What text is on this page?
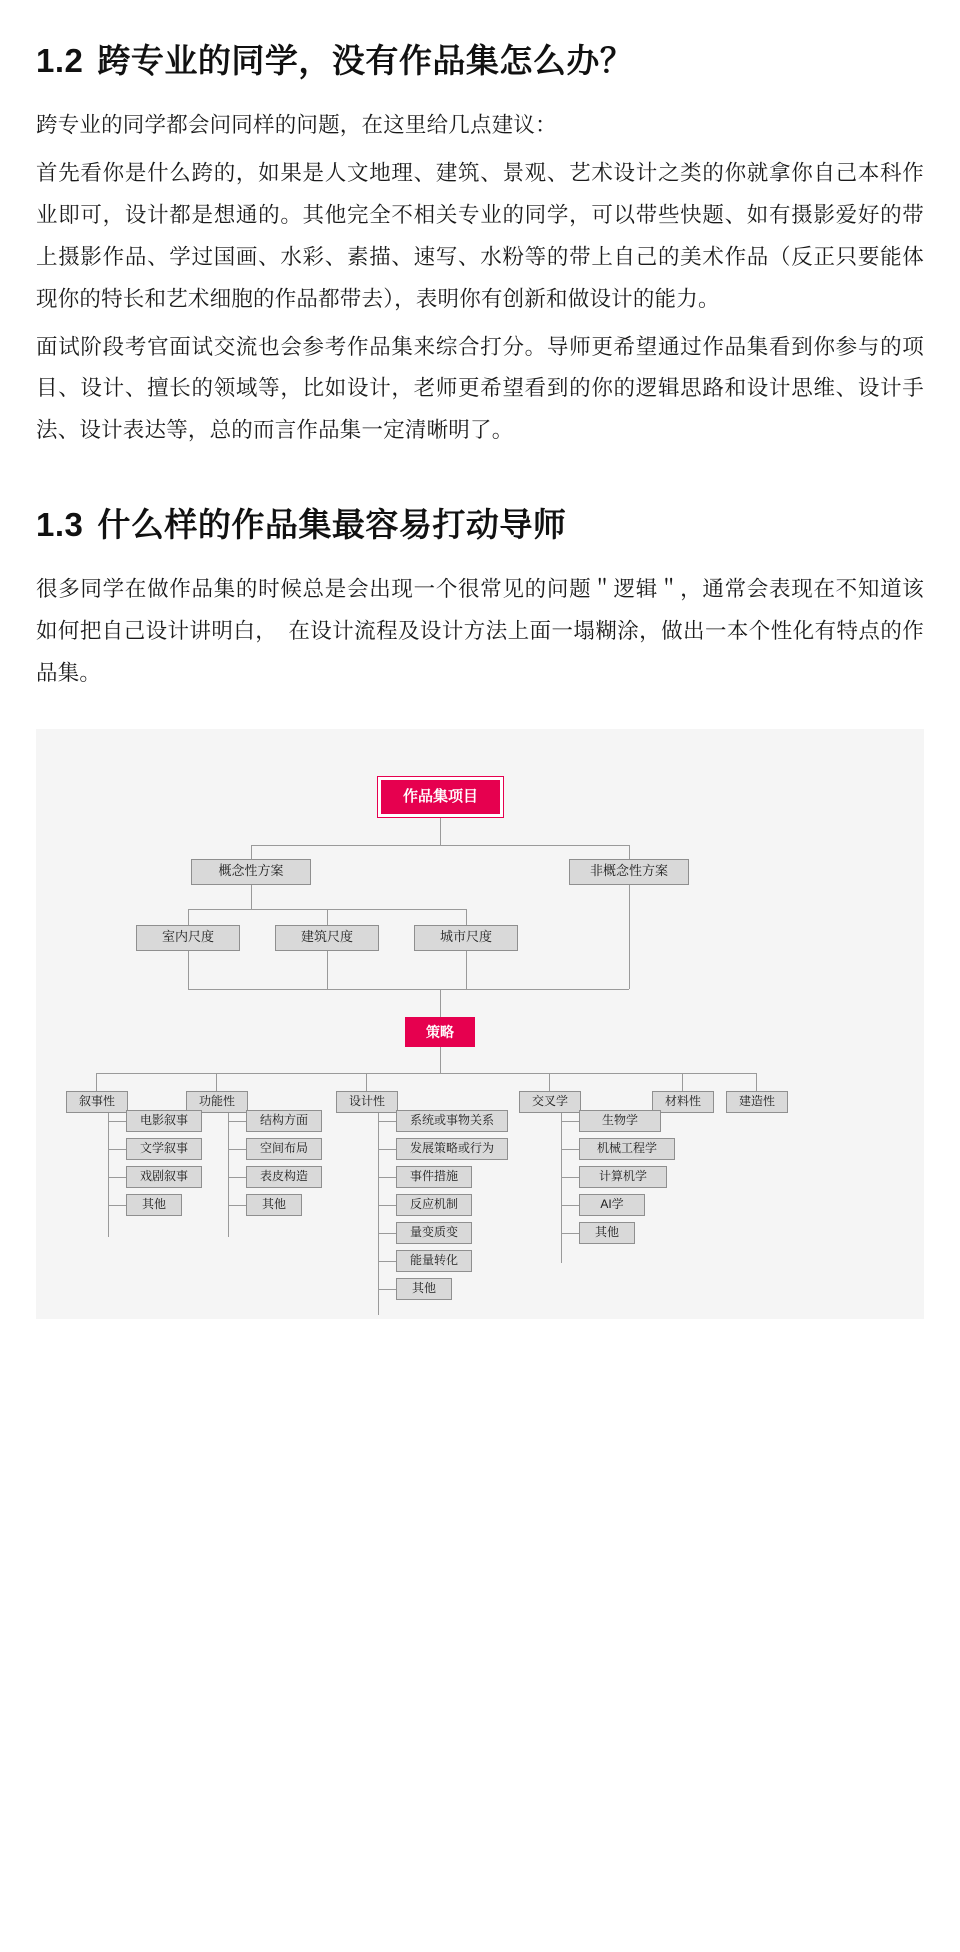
1.2 跨专业的同学，没有作品集怎么办？

跨专业的同学都会问同样的问题，在这里给几点建议：

首先看你是什么跨的，如果是人文地理、建筑、景观、艺术设计之类的你就拿你自己本科作业即可，设计都是想通的。其他完全不相关专业的同学，可以带些快题、如有摄影爱好的带上摄影作品、学过国画、水彩、素描、速写、水粉等的带上自己的美术作品（反正只要能体现你的特长和艺术细胞的作品都带去），表明你有创新和做设计的能力。

面试阶段考官面试交流也会参考作品集来综合打分。导师更希望通过作品集看到你参与的项目、设计、擅长的领域等，比如设计，老师更希望看到的你的逻辑思路和设计思维、设计手法、设计表达等，总的而言作品集一定清晰明了。

1.3 什么样的作品集最容易打动导师

很多同学在做作品集的时候总是会出现一个很常见的问题＂逻辑＂，通常会表现在不知道该如何把自己设计讲明白，　在设计流程及设计方法上面一塌糊涂，做出一本个性化有特点的作品集。

作品集项目
概念性方案	非概念性方案
室内尺度	建筑尺度	城市尺度
策略
叙事性	功能性	设计性	交叉学	材料性	建造性
电影叙事
文学叙事
戏剧叙事
其他
结构方面
空间布局
表皮构造
其他
系统或事物关系
发展策略或行为
事件措施
反应机制
量变质变
能量转化
其他
生物学
机械工程学
计算机学
AI学
其他
